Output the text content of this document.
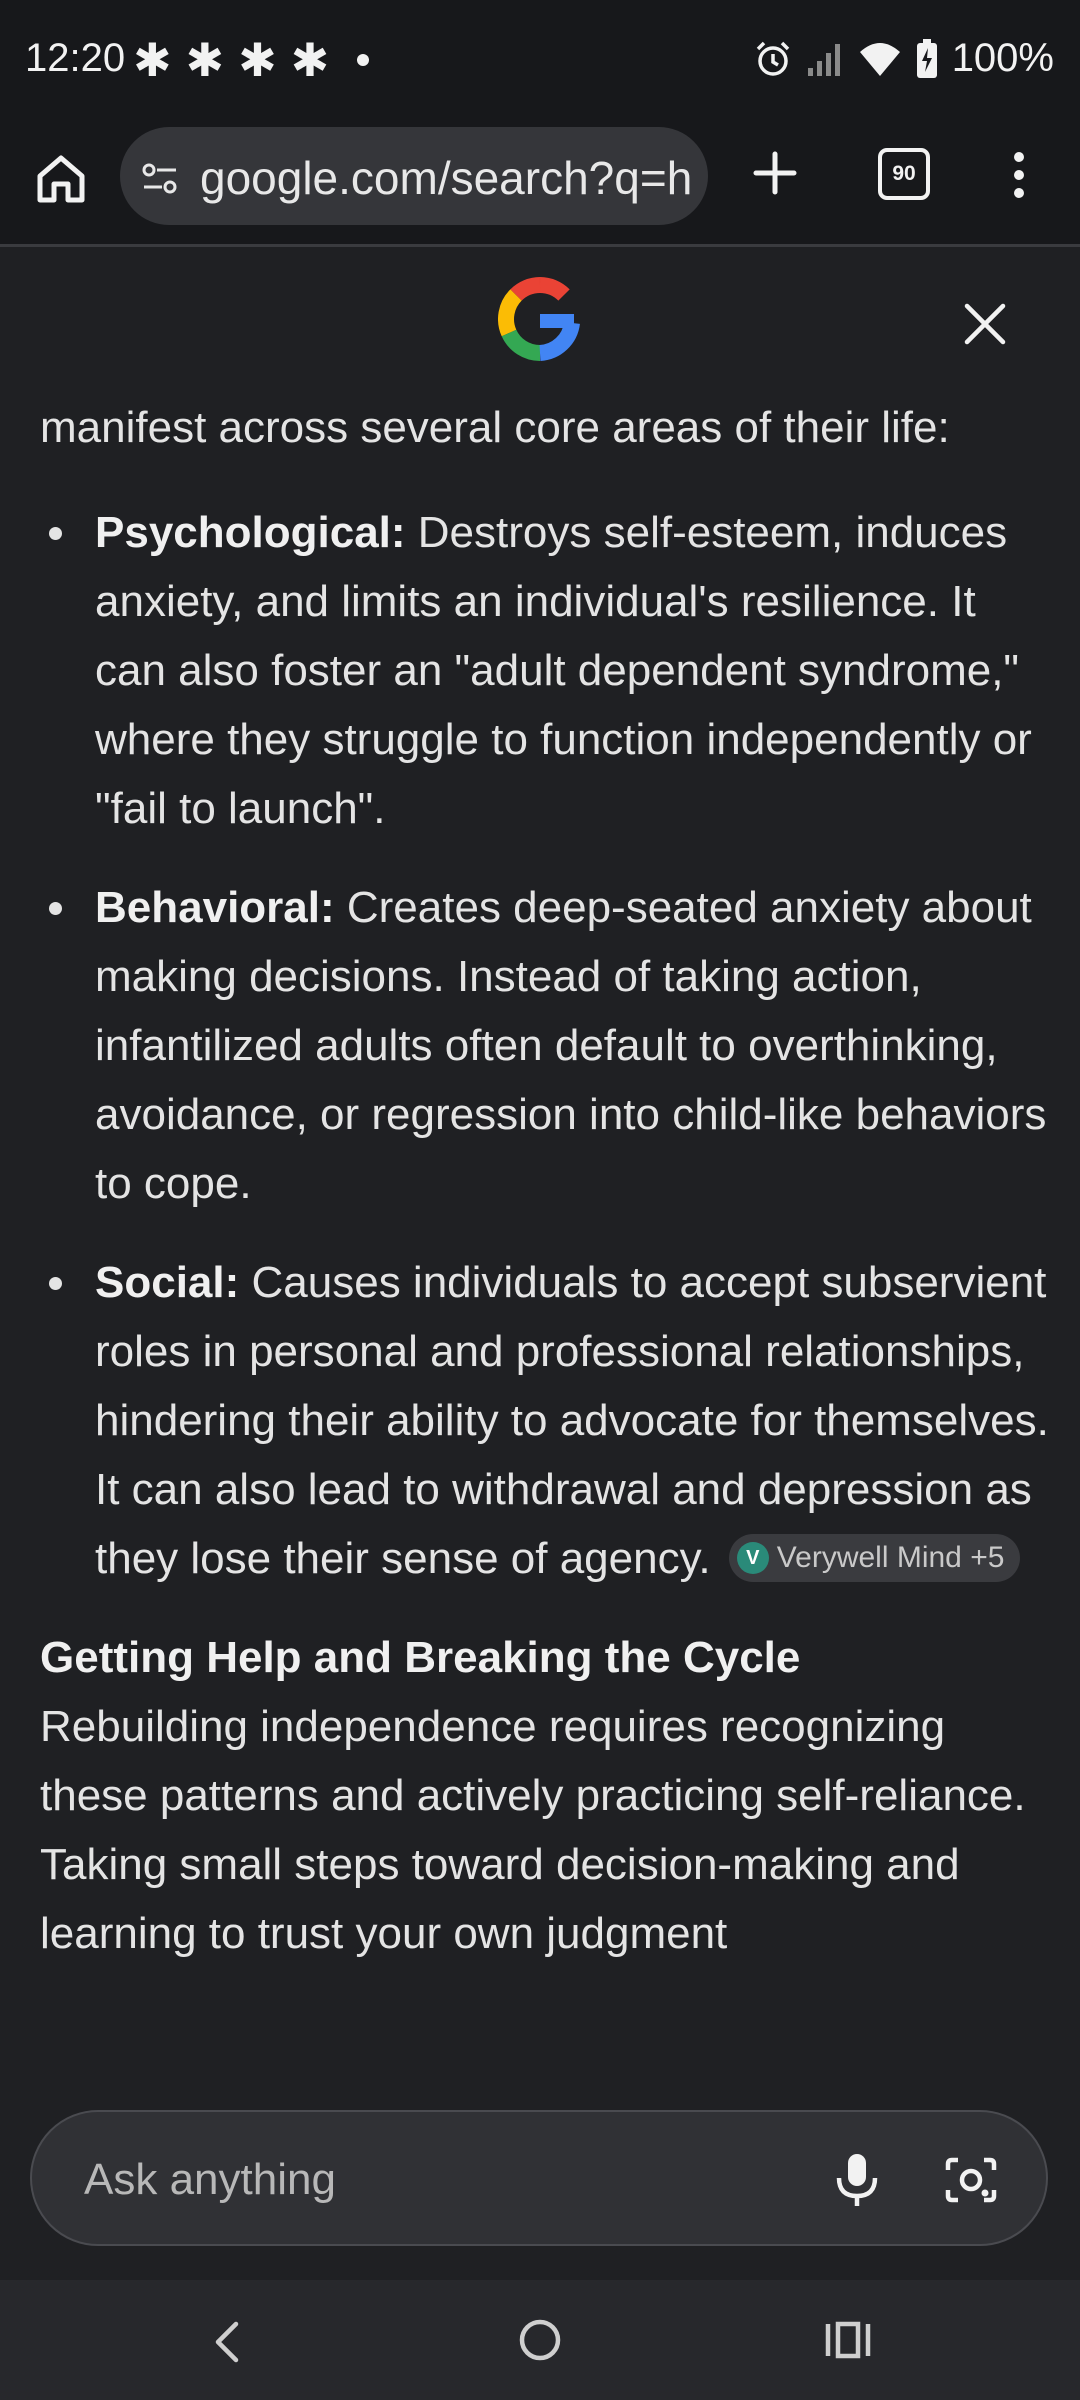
12:20 ✱ ✱ ✱ ✱	100%
google.com/search?q=h	90

manifest across several core areas of their life:

Psychological: Destroys self-esteem, induces anxiety, and limits an individual's resilience. It can also foster an "adult dependent syndrome," where they struggle to function independently or "fail to launch".
Behavioral: Creates deep-seated anxiety about making decisions. Instead of taking action, infantilized adults often default to overthinking, avoidance, or regression into child-like behaviors to cope.
Social: Causes individuals to accept subservient roles in personal and professional relationships, hindering their ability to advocate for themselves. It can also lead to withdrawal and depression as they lose their sense of agency.	V Verywell Mind +5

Getting Help and Breaking the Cycle

Rebuilding independence requires recognizing these patterns and actively practicing self-reliance. Taking small steps toward decision-making and learning to trust your own judgment

Ask anything
